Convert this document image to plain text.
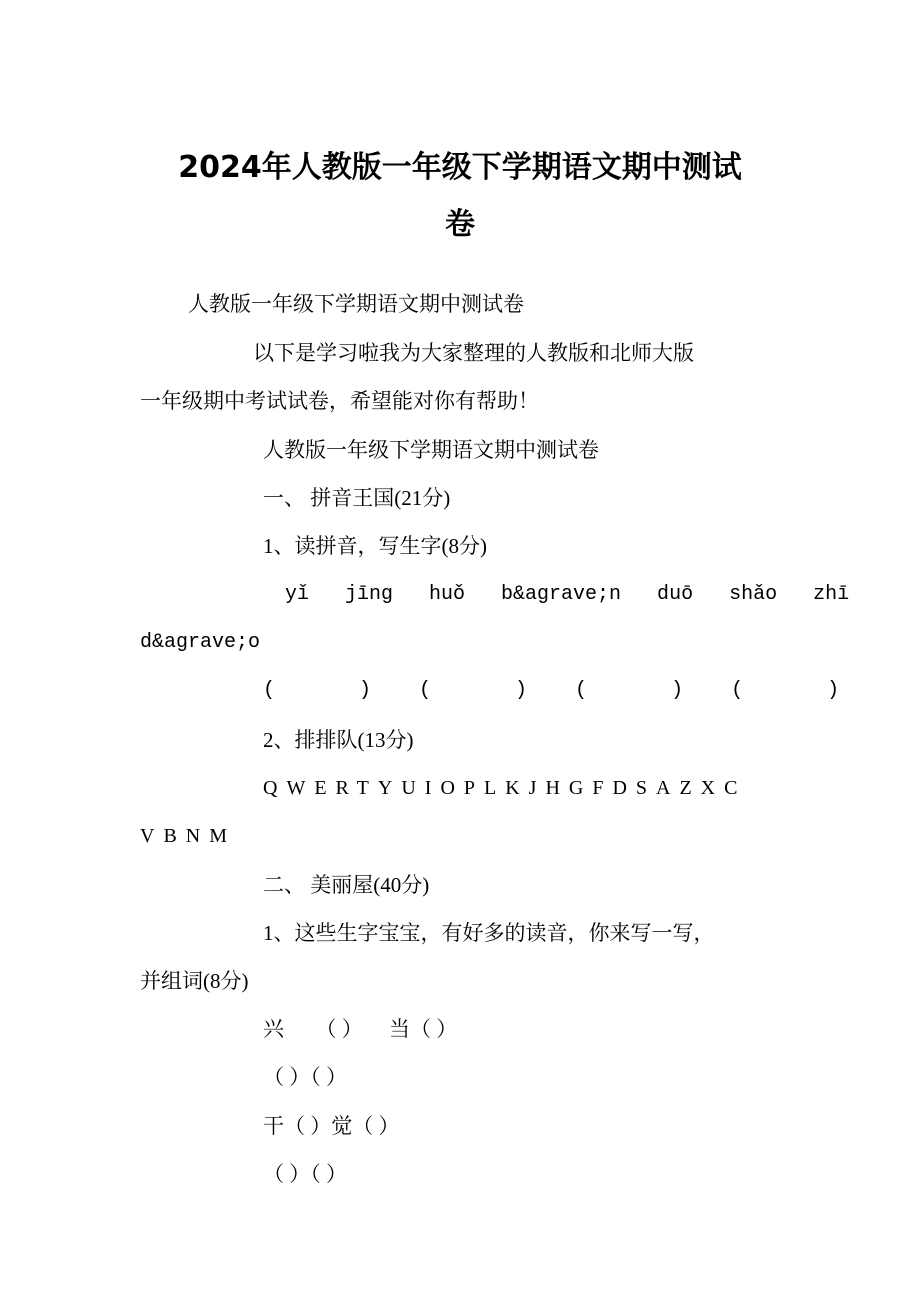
2024年人教版一年级下学期语文期中测试
卷
人教版一年级下学期语文期中测试卷
以下是学习啦我为大家整理的人教版和北师大版
一年级期中考试试卷，希望能对你有帮助！
人教版一年级下学期语文期中测试卷
一、 拼音王国(21分)
1、读拼音，写生字(8分)
yǐ   jīng   huǒ   b&agrave;n   duō   shǎo   zhī
d&agrave;o
(       )    (       )    (       )    (       )
2、排排队(13分)
QWERTYUIOPLKJHGFDSAZXC
VBNM
二、 美丽屋(40分)
1、这些生字宝宝，有好多的读音，你来写一写，
并组词(8分)
兴      （ ）     当（ ）
（ ）（ ）
干（ ）觉（ ）
（ ）（ ）
